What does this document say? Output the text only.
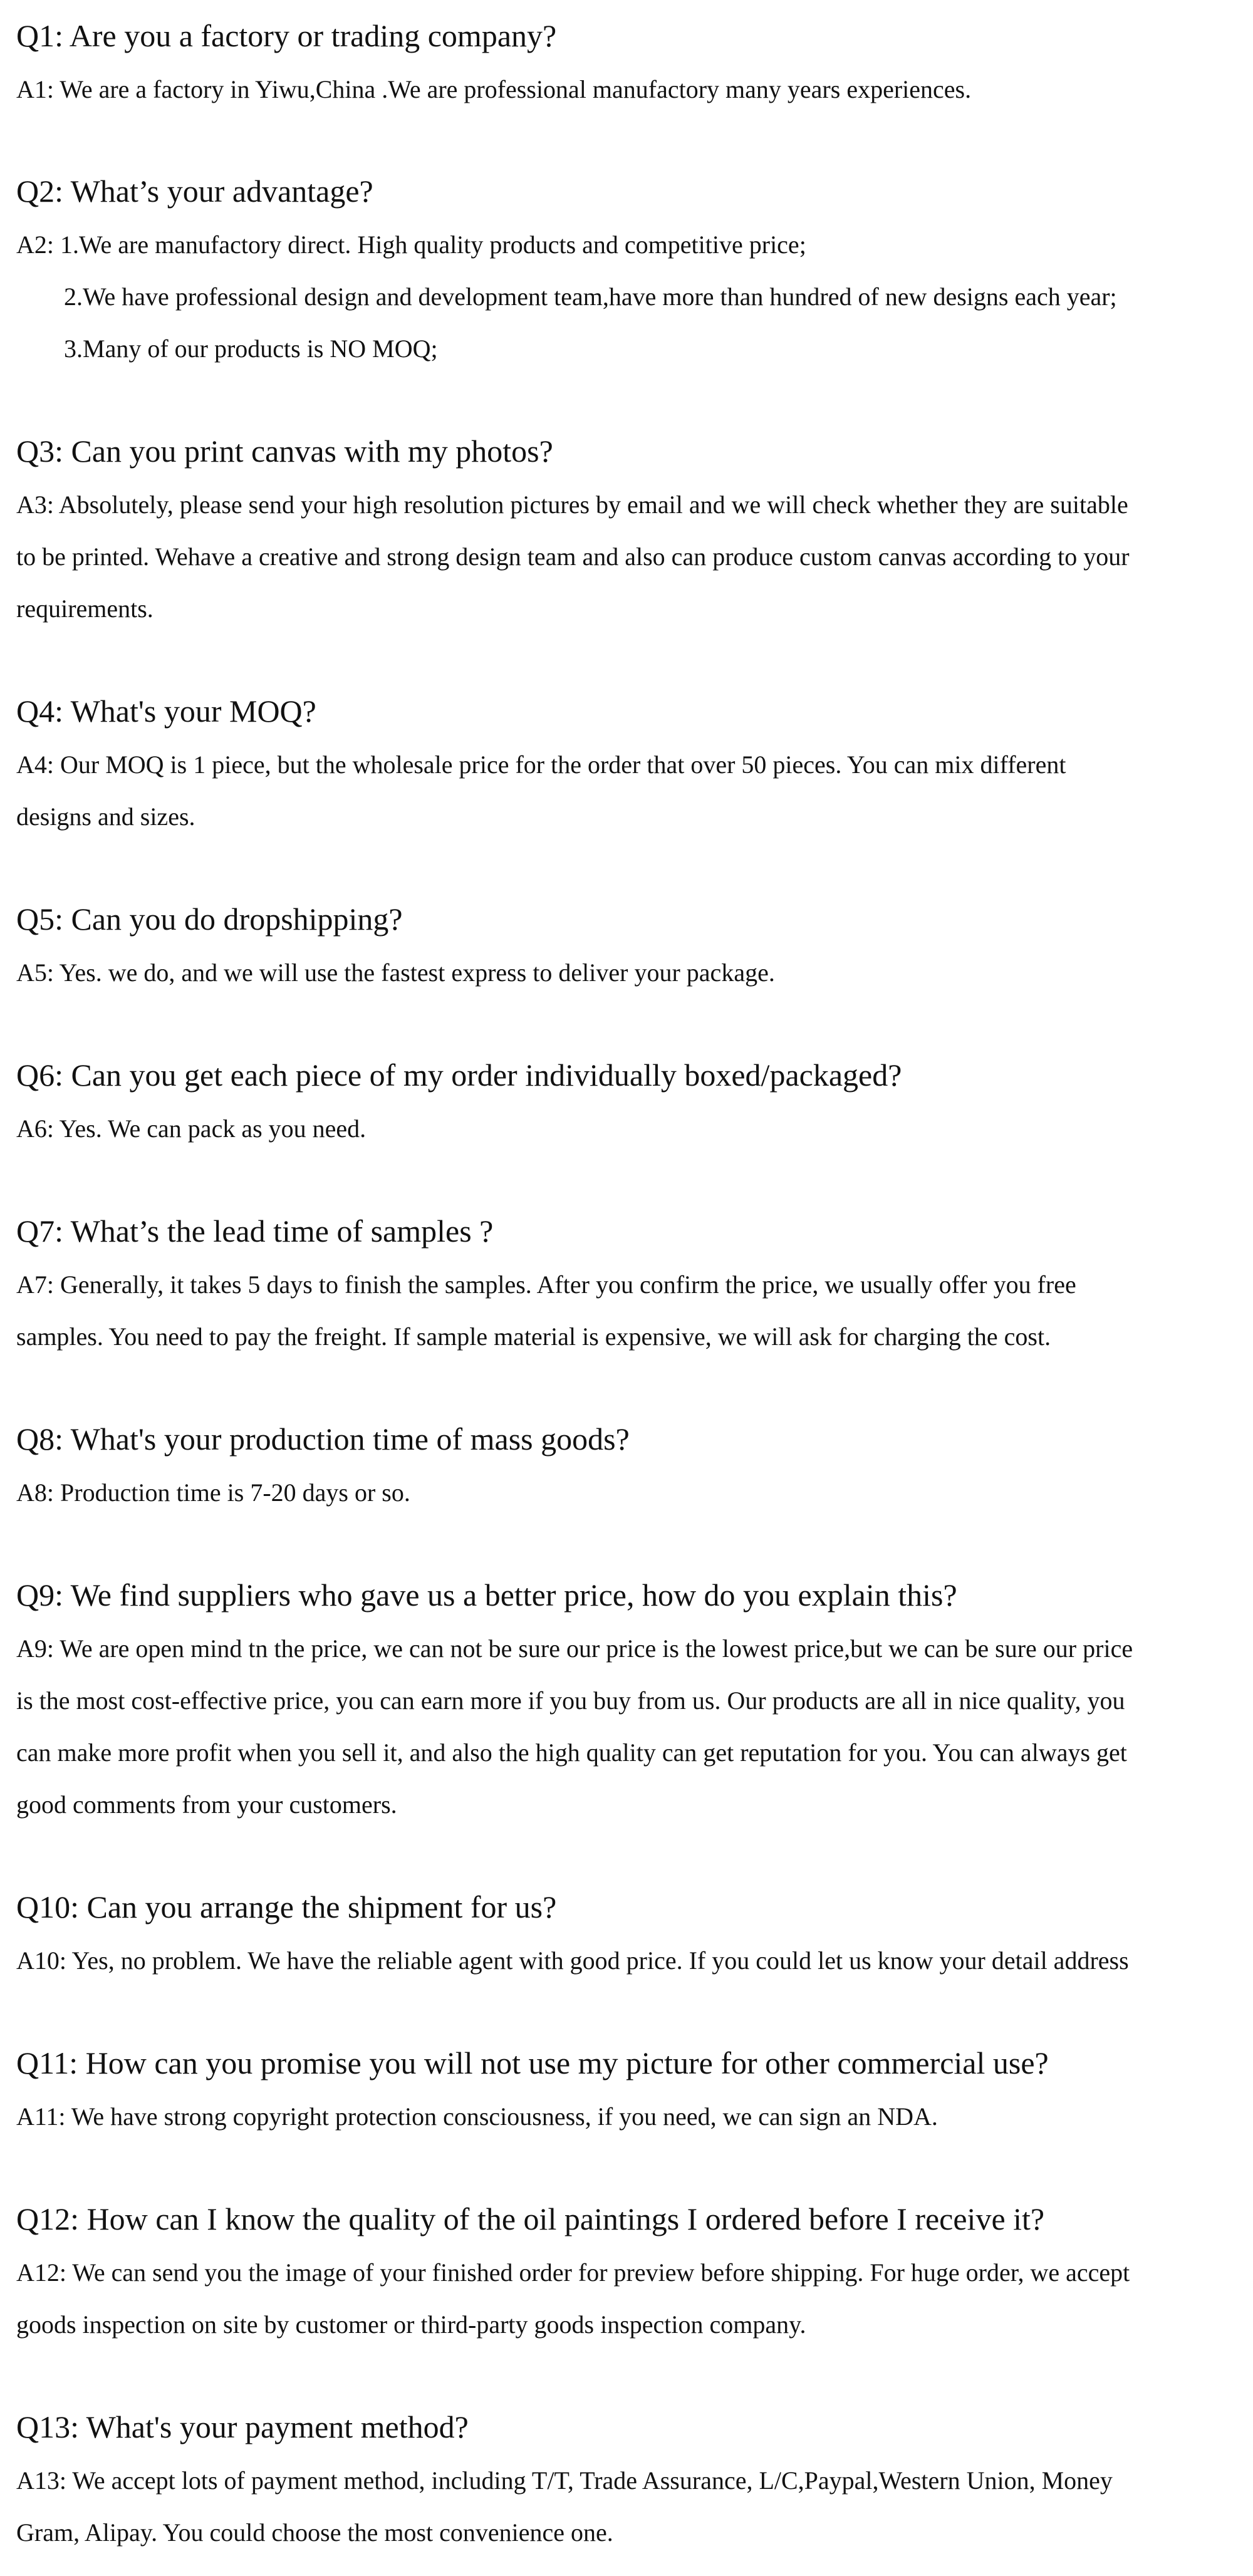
Q1: Are you a factory or trading company?

A1: We are a factory in Yiwu,China .We are professional manufactory many years experiences.

Q2: What’s your advantage?

A2: 1.We are manufactory direct. High quality products and competitive price;
2.We have professional design and development team,have more than hundred of new designs each year;
3.Many of our products is NO MOQ;

Q3: Can you print canvas with my photos?

A3: Absolutely, please send your high resolution pictures by email and we will check whether they are suitable
to be printed. Wehave a creative and strong design team and also can produce custom canvas according to your
requirements.

Q4: What's your MOQ?

A4: Our MOQ is 1 piece, but the wholesale price for the order that over 50 pieces. You can mix different
designs and sizes.

Q5: Can you do dropshipping?

A5: Yes. we do, and we will use the fastest express to deliver your package.

Q6: Can you get each piece of my order individually boxed/packaged?

A6: Yes. We can pack as you need.

Q7: What’s the lead time of samples ?

A7: Generally, it takes 5 days to finish the samples. After you confirm the price, we usually offer you free
samples. You need to pay the freight. If sample material is expensive, we will ask for charging the cost.

Q8: What's your production time of mass goods?

A8: Production time is 7-20 days or so.

Q9: We find suppliers who gave us a better price, how do you explain this?

A9: We are open mind tn the price, we can not be sure our price is the lowest price,but we can be sure our price
is the most cost-effective price, you can earn more if you buy from us. Our products are all in nice quality, you
can make more profit when you sell it, and also the high quality can get reputation for you. You can always get
good comments from your customers.

Q10: Can you arrange the shipment for us?

A10: Yes, no problem. We have the reliable agent with good price. If you could let us know your detail address

Q11: How can you promise you will not use my picture for other commercial use?

A11: We have strong copyright protection consciousness, if you need, we can sign an NDA.

Q12: How can I know the quality of the oil paintings I ordered before I receive it?

A12: We can send you the image of your finished order for preview before shipping. For huge order, we accept
goods inspection on site by customer or third-party goods inspection company.

Q13: What's your payment method?

A13: We accept lots of payment method, including T/T, Trade Assurance, L/C,Paypal,Western Union, Money
Gram, Alipay. You could choose the most convenience one.
